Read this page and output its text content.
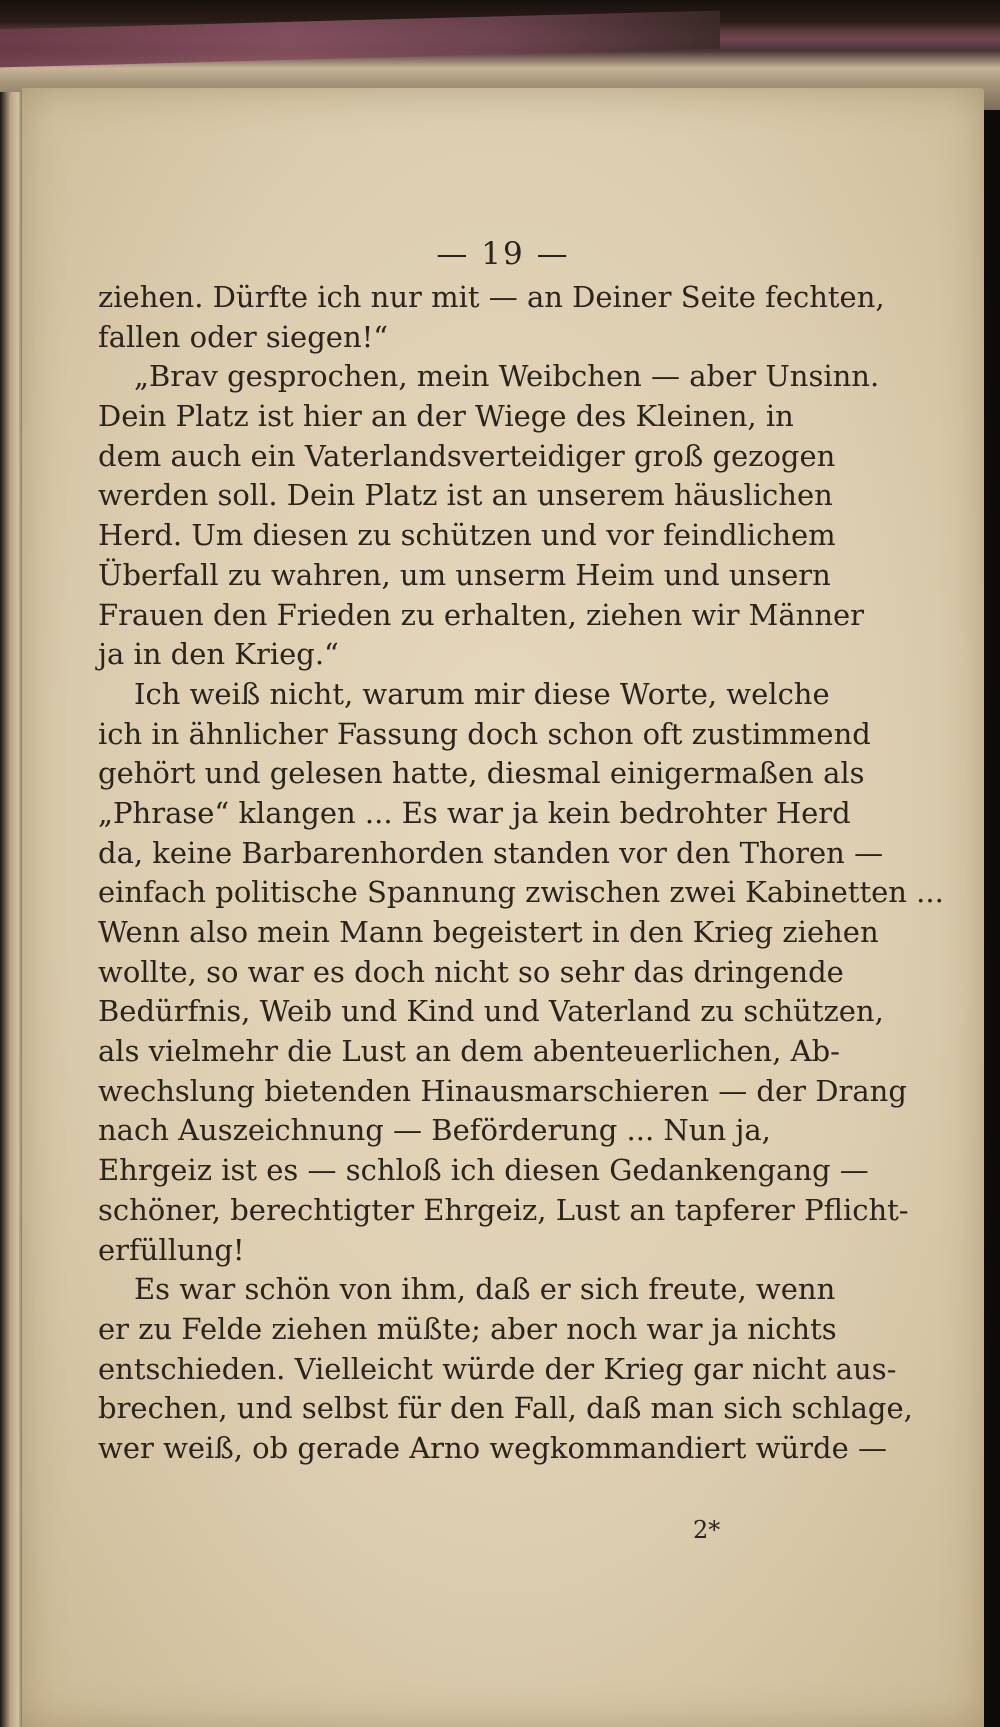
— 19 —

ziehen. Dürfte ich nur mit — an Deiner Seite fechten,
fallen oder siegen!“
„Brav gesprochen, mein Weibchen — aber Unsinn.
Dein Platz ist hier an der Wiege des Kleinen, in
dem auch ein Vaterlandsverteidiger groß gezogen
werden soll. Dein Platz ist an unserem häuslichen
Herd. Um diesen zu schützen und vor feindlichem
Überfall zu wahren, um unserm Heim und unsern
Frauen den Frieden zu erhalten, ziehen wir Männer
ja in den Krieg.“
Ich weiß nicht, warum mir diese Worte, welche
ich in ähnlicher Fassung doch schon oft zustimmend
gehört und gelesen hatte, diesmal einigermaßen als
„Phrase“ klangen ... Es war ja kein bedrohter Herd
da, keine Barbarenhorden standen vor den Thoren —
einfach politische Spannung zwischen zwei Kabinetten ...
Wenn also mein Mann begeistert in den Krieg ziehen
wollte, so war es doch nicht so sehr das dringende
Bedürfnis, Weib und Kind und Vaterland zu schützen,
als vielmehr die Lust an dem abenteuerlichen, Ab-
wechslung bietenden Hinausmarschieren — der Drang
nach Auszeichnung — Beförderung ... Nun ja,
Ehrgeiz ist es — schloß ich diesen Gedankengang —
schöner, berechtigter Ehrgeiz, Lust an tapferer Pflicht-
erfüllung!
Es war schön von ihm, daß er sich freute, wenn
er zu Felde ziehen müßte; aber noch war ja nichts
entschieden. Vielleicht würde der Krieg gar nicht aus-
brechen, und selbst für den Fall, daß man sich schlage,
wer weiß, ob gerade Arno wegkommandiert würde —

2*
